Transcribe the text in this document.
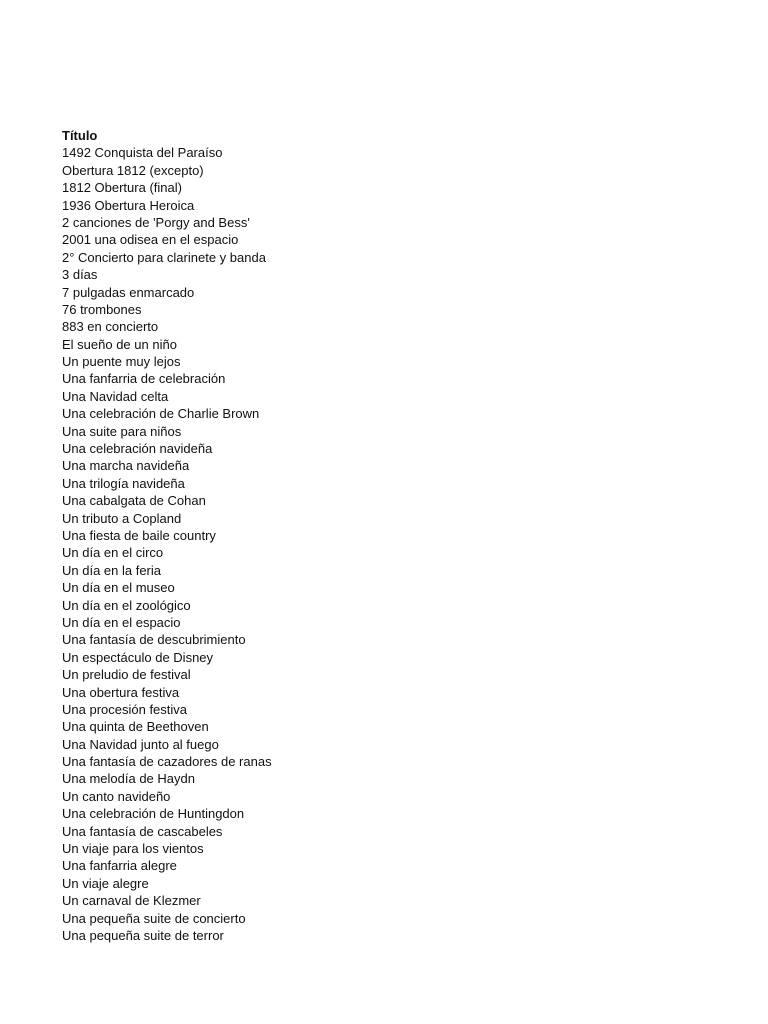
Título
1492 Conquista del Paraíso
Obertura 1812 (excepto)
1812 Obertura (final)
1936 Obertura Heroica
2 canciones de 'Porgy and Bess'
2001 una odisea en el espacio
2° Concierto para clarinete y banda
3 días
7 pulgadas enmarcado
76 trombones
883 en concierto
El sueño de un niño
Un puente muy lejos
Una fanfarria de celebración
Una Navidad celta
Una celebración de Charlie Brown
Una suite para niños
Una celebración navideña
Una marcha navideña
Una trilogía navideña
Una cabalgata de Cohan
Un tributo a Copland
Una fiesta de baile country
Un día en el circo
Un día en la feria
Un día en el museo
Un día en el zoológico
Un día en el espacio
Una fantasía de descubrimiento
Un espectáculo de Disney
Un preludio de festival
Una obertura festiva
Una procesión festiva
Una quinta de Beethoven
Una Navidad junto al fuego
Una fantasía de cazadores de ranas
Una melodía de Haydn
Un canto navideño
Una celebración de Huntingdon
Una fantasía de cascabeles
Un viaje para los vientos
Una fanfarria alegre
Un viaje alegre
Un carnaval de Klezmer
Una pequeña suite de concierto
Una pequeña suite de terror
